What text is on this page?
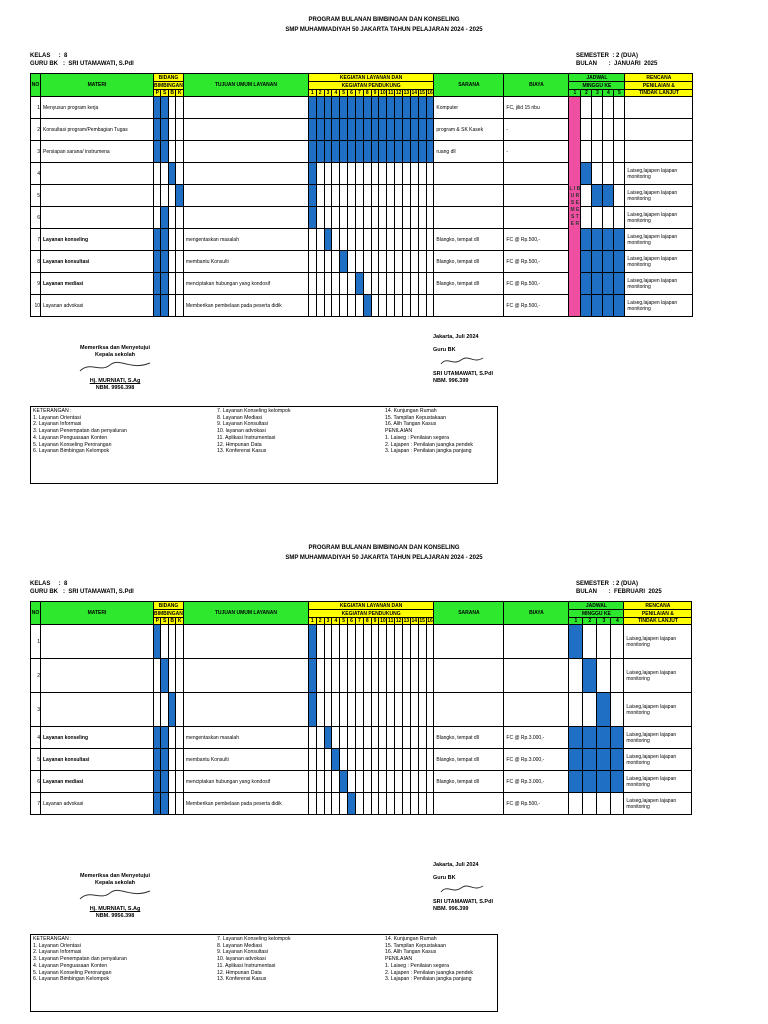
PROGRAM BULANAN BIMBINGAN DAN KONSELING
SMP MUHAMMADIYAH 50 JAKARTA TAHUN PELAJARAN 2024 - 2025
KELAS     :  8
GURU BK   :  SRI UTAMAWATI, S.Pdl
SEMESTER  : 2 (DUA)
BULAN       :  JANUARI  2025
NO	MATERI	BIDANG				TUJUAN UMUM LAYANAN	KEGIATAN LAYANAN DAN																SARANA	BIAYA	JADWAL					RENCANA
		BIMBINGAN					KEGIATAN PENDUKUNG																		MINGGU KE					PENILAIAN &
		P	S	B	K		1	2	3	4	5	6	7	8	9	10	11	12	13	14	15	16			1	2	3	4	5	TINDAK LANJUT
1	Menyusun program kerja																						Komputer	FC, jilid 15 ribu	L I B U R S E M E S T E R					
2	Konsultasi program/Pembagian Tugas																						program & SK Kasek	-						
3	Persiapan sarana/ instrumena																						ruang dll	-						
4																														Laiseg,lajapen lajapan monitoring
5																														Laiseg,lajapen lajapan monitoring
6																														Laiseg,lajapen lajapan monitoring
7	Layanan konseling					mengentaskan masalah																	Blangko, tempat dll	FC @ Rp.500,-						Laiseg,lajapen lajapan monitoring
8	Layanan konsultasi					membantu Konsulti																	Blangko, tempat dll	FC @ Rp.500,-						Laiseg,lajapen lajapan monitoring
9	Layanan mediasi					menciptakan hubungan yang kondosif																	Blangko, tempat dll	FC @ Rp.500,-						Laiseg,lajapen lajapan monitoring
10	Layanan advokasi					Memberikan pembelaan pada peserta didik																		FC @ Rp.500,-						Laiseg,lajapen lajapan monitoring
Memeriksa dan Menyetujui
Kepala sekolah
Hj. MURNIATI, S.Ag
NBM. 9956.398
Jakarta, Juli 2024
Guru BK
SRI UTAMAWATI, S.Pdl
NBM. 996.399
KETERANGAN :
1. Layanan Orientasi
2. Layanan Informasi
3. Layanan Penempatan dan penyaluran
4. Layanan Penguasaan Konten
5. Layanan Konseling Perorangan
6. Layanan Bimbingan Kelompok
7. Layanan Konseling kelompok
8. Layanan Mediasi
9. Layanan Konsultasi
10. layanan advokasi
11. Aplikasi Instrumentasi
12. Himpunan Data
13. Konferensi Kasus
14. Kunjungan Rumah
15. Tampilan Kepustakaan
16. Alih Tangan Kasus
PENILAIAN
1. Laiseg : Penilaian segera
2. Lajapen : Penilaian juangka pendek
3. Lajapan : Penilaian jangka panjang
PROGRAM BULANAN BIMBINGAN DAN KONSELING
SMP MUHAMMADIYAH 50 JAKARTA TAHUN PELAJARAN 2024 - 2025
KELAS     :  8
GURU BK   :  SRI UTAMAWATI, S.Pdl
SEMESTER  : 2 (DUA)
BULAN       :  FEBRUARI  2025
NO	MATERI	BIDANG				TUJUAN UMUM LAYANAN	KEGIATAN LAYANAN DAN																SARANA	BIAYA	JADWAL				RENCANA
		BIMBINGAN					KEGIATAN PENDUKUNG																		MINGGU KE				PENILAIAN &
		P	S	B	K		1	2	3	4	5	6	7	8	9	10	11	12	13	14	15	16			1	2	3	4	TINDAK LANJUT
1																													Laiseg,lajapen lajapan monitoring
2																													Laiseg,lajapen lajapan monitoring
3																													Laiseg,lajapen lajapan monitoring
4	Layanan konseling					mengentaskan masalah																	Blangko, tempat dll	FC @ Rp.3.000,-					Laiseg,lajapen lajapan monitoring
5	Layanan konsultasi					membantu Konsulti																	Blangko, tempat dll	FC @ Rp.3.000,-					Laiseg,lajapen lajapan monitoring
6	Layanan mediasi					menciptakan hubungan yang kondosif																	Blangko, tempat dll	FC @ Rp.3.000,-					Laiseg,lajapen lajapan monitoring
7	Layanan advokasi					Memberikan pembelaan pada peserta didik																		FC @ Rp.500,-					Laiseg,lajapen lajapan monitoring
Memeriksa dan Menyetujui
Kepala sekolah
Hj. MURNIATI, S.Ag
NBM. 9956.398
Jakarta, Juli 2024
Guru BK
SRI UTAMAWATI, S.Pdl
NBM. 996.399
KETERANGAN :
1. Layanan Orientasi
2. Layanan Informasi
3. Layanan Penempatan dan penyaluran
4. Layanan Penguasaan Konten
5. Layanan Konseling Perorangan
6. Layanan Bimbingan Kelompok
7. Layanan Konseling kelompok
8. Layanan Mediasi
9. Layanan Konsultasi
10. layanan advokasi
11. Aplikasi Instrumentasi
12. Himpunan Data
13. Konferensi Kasus
14. Kunjungan Rumah
15. Tampilan Kepustakaan
16. Alih Tangan Kasus
PENILAIAN
1. Laiseg : Penilaian segera
2. Lajapen : Penilaian juangka pendek
3. Lajapan : Penilaian jangka panjang
